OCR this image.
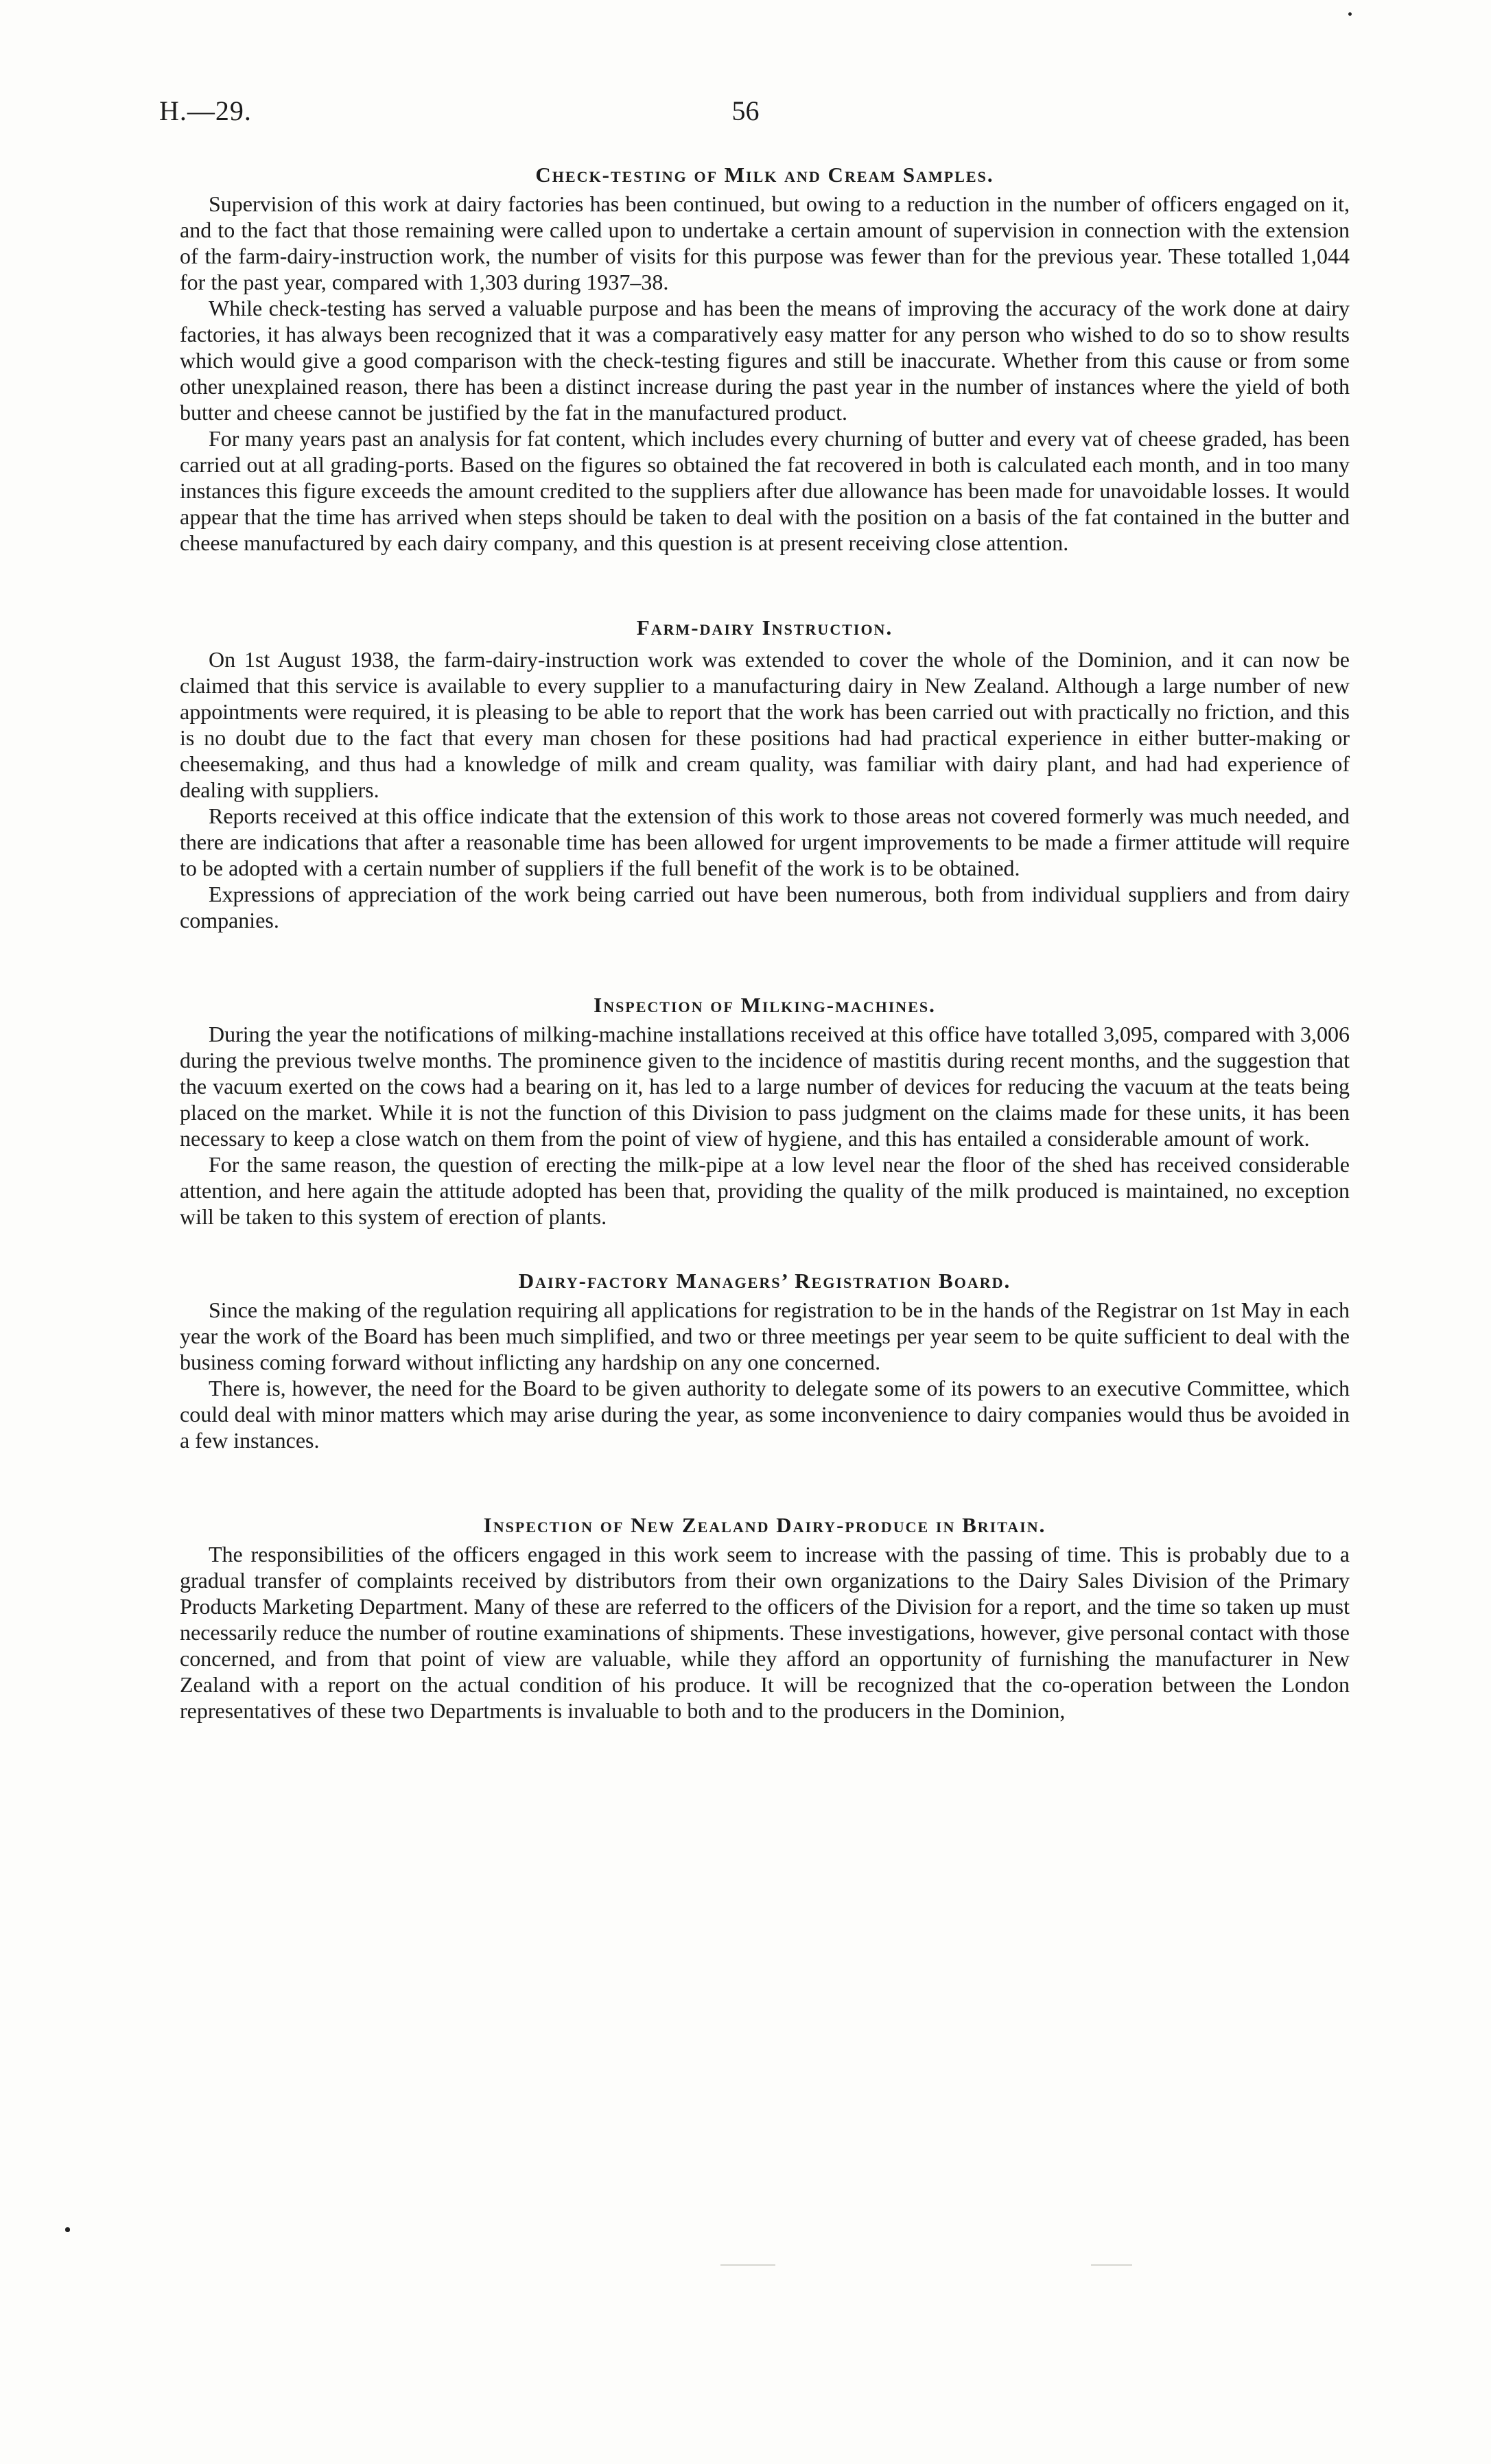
H.—29.	56
Check-testing of Milk and Cream Samples.

Supervision of this work at dairy factories has been continued, but owing to a reduction in the number of officers engaged on it, and to the fact that those remaining were called upon to undertake a certain amount of supervision in connection with the extension of the farm-dairy-instruction work, the number of visits for this purpose was fewer than for the previous year. These totalled 1,044 for the past year, compared with 1,303 during 1937–38.

While check-testing has served a valuable purpose and has been the means of improving the accuracy of the work done at dairy factories, it has always been recognized that it was a comparatively easy matter for any person who wished to do so to show results which would give a good comparison with the check-testing figures and still be inaccurate. Whether from this cause or from some other unexplained reason, there has been a distinct increase during the past year in the number of instances where the yield of both butter and cheese cannot be justified by the fat in the manufactured product.

For many years past an analysis for fat content, which includes every churning of butter and every vat of cheese graded, has been carried out at all grading-ports. Based on the figures so obtained the fat recovered in both is calculated each month, and in too many instances this figure exceeds the amount credited to the suppliers after due allowance has been made for unavoidable losses. It would appear that the time has arrived when steps should be taken to deal with the position on a basis of the fat contained in the butter and cheese manufactured by each dairy company, and this question is at present receiving close attention.

Farm-dairy Instruction.

On 1st August 1938, the farm-dairy-instruction work was extended to cover the whole of the Dominion, and it can now be claimed that this service is available to every supplier to a manufacturing dairy in New Zealand. Although a large number of new appointments were required, it is pleasing to be able to report that the work has been carried out with practically no friction, and this is no doubt due to the fact that every man chosen for these positions had had practical experience in either butter-making or cheesemaking, and thus had a knowledge of milk and cream quality, was familiar with dairy plant, and had had experience of dealing with suppliers.

Reports received at this office indicate that the extension of this work to those areas not covered formerly was much needed, and there are indications that after a reasonable time has been allowed for urgent improvements to be made a firmer attitude will require to be adopted with a certain number of suppliers if the full benefit of the work is to be obtained.

Expressions of appreciation of the work being carried out have been numerous, both from individual suppliers and from dairy companies.

Inspection of Milking-machines.

During the year the notifications of milking-machine installations received at this office have totalled 3,095, compared with 3,006 during the previous twelve months. The prominence given to the incidence of mastitis during recent months, and the suggestion that the vacuum exerted on the cows had a bearing on it, has led to a large number of devices for reducing the vacuum at the teats being placed on the market. While it is not the function of this Division to pass judgment on the claims made for these units, it has been necessary to keep a close watch on them from the point of view of hygiene, and this has entailed a considerable amount of work.

For the same reason, the question of erecting the milk-pipe at a low level near the floor of the shed has received considerable attention, and here again the attitude adopted has been that, providing the quality of the milk produced is maintained, no exception will be taken to this system of erection of plants.

Dairy-factory Managers’ Registration Board.

Since the making of the regulation requiring all applications for registration to be in the hands of the Registrar on 1st May in each year the work of the Board has been much simplified, and two or three meetings per year seem to be quite sufficient to deal with the business coming forward without inflicting any hardship on any one concerned.

There is, however, the need for the Board to be given authority to delegate some of its powers to an executive Committee, which could deal with minor matters which may arise during the year, as some inconvenience to dairy companies would thus be avoided in a few instances.

Inspection of New Zealand Dairy-produce in Britain.

The responsibilities of the officers engaged in this work seem to increase with the passing of time. This is probably due to a gradual transfer of complaints received by distributors from their own organizations to the Dairy Sales Division of the Primary Products Marketing Department. Many of these are referred to the officers of the Division for a report, and the time so taken up must necessarily reduce the number of routine examinations of shipments. These investigations, however, give personal contact with those concerned, and from that point of view are valuable, while they afford an opportunity of furnishing the manufacturer in New Zealand with a report on the actual condition of his produce. It will be recognized that the co-operation between the London representatives of these two Departments is invaluable to both and to the producers in the Dominion,
